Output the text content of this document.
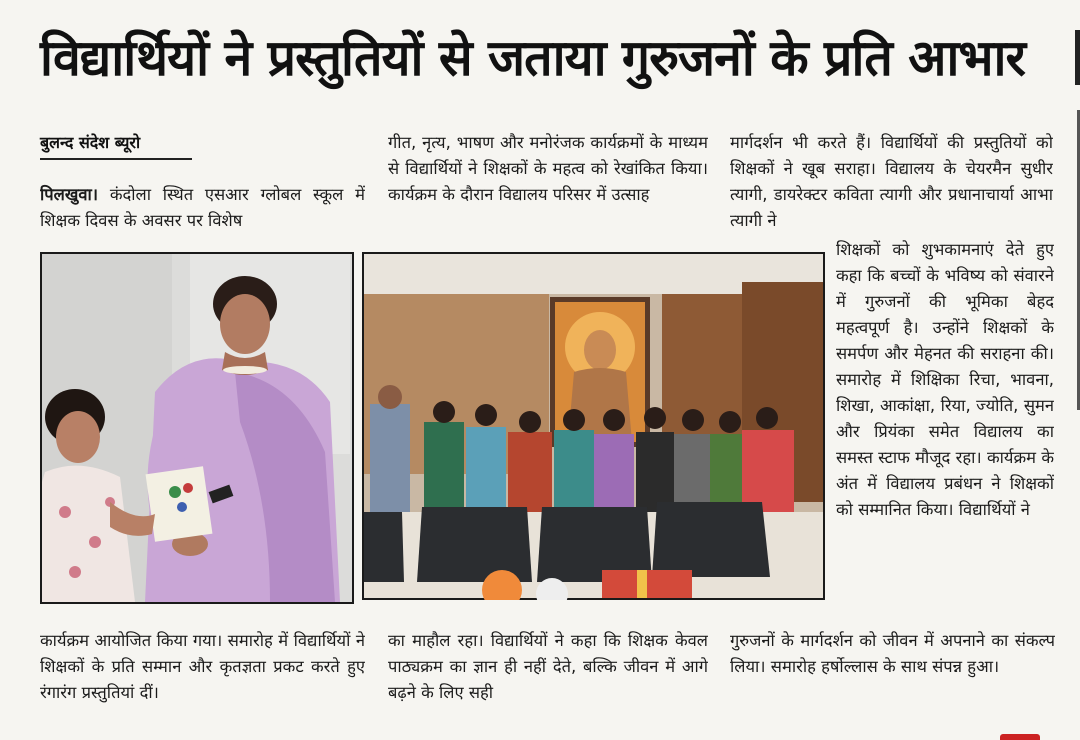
विद्यार्थियों ने प्रस्तुतियों से जताया गुरुजनों के प्रति आभार
बुलन्द संदेश ब्यूरो
पिलखुवा। कंदोला स्थित एसआर ग्लोबल स्कूल में शिक्षक दिवस के अवसर पर विशेष
गीत, नृत्य, भाषण और मनोरंजक कार्यक्रमों के माध्यम से विद्यार्थियों ने शिक्षकों के महत्व को रेखांकित किया। कार्यक्रम के दौरान विद्यालय परिसर में उत्साह
मार्गदर्शन भी करते हैं। विद्यार्थियों की प्रस्तुतियों को शिक्षकों ने खूब सराहा। विद्यालय के चेयरमैन सुधीर त्यागी, डायरेक्टर कविता त्यागी और प्रधानाचार्या आभा त्यागी ने
शिक्षकों को शुभकामनाएं देते हुए कहा कि बच्चों के भविष्य को संवारने में गुरुजनों की भूमिका बेहद महत्वपूर्ण है। उन्होंने शिक्षकों के समर्पण और मेहनत की सराहना की। समारोह में शिक्षिका रिचा, भावना, शिखा, आकांक्षा, रिया, ज्योति, सुमन और प्रियंका समेत विद्यालय का समस्त स्टाफ मौजूद रहा। कार्यक्रम के अंत में विद्यालय प्रबंधन ने शिक्षकों को सम्मानित किया। विद्यार्थियों ने
कार्यक्रम आयोजित किया गया। समारोह में विद्यार्थियों ने शिक्षकों के प्रति सम्मान और कृतज्ञता प्रकट करते हुए रंगारंग प्रस्तुतियां दीं।
का माहौल रहा। विद्यार्थियों ने कहा कि शिक्षक केवल पाठ्यक्रम का ज्ञान ही नहीं देते, बल्कि जीवन में आगे बढ़ने के लिए सही
गुरुजनों के मार्गदर्शन को जीवन में अपनाने का संकल्प लिया। समारोह हर्षोल्लास के साथ संपन्न हुआ।
